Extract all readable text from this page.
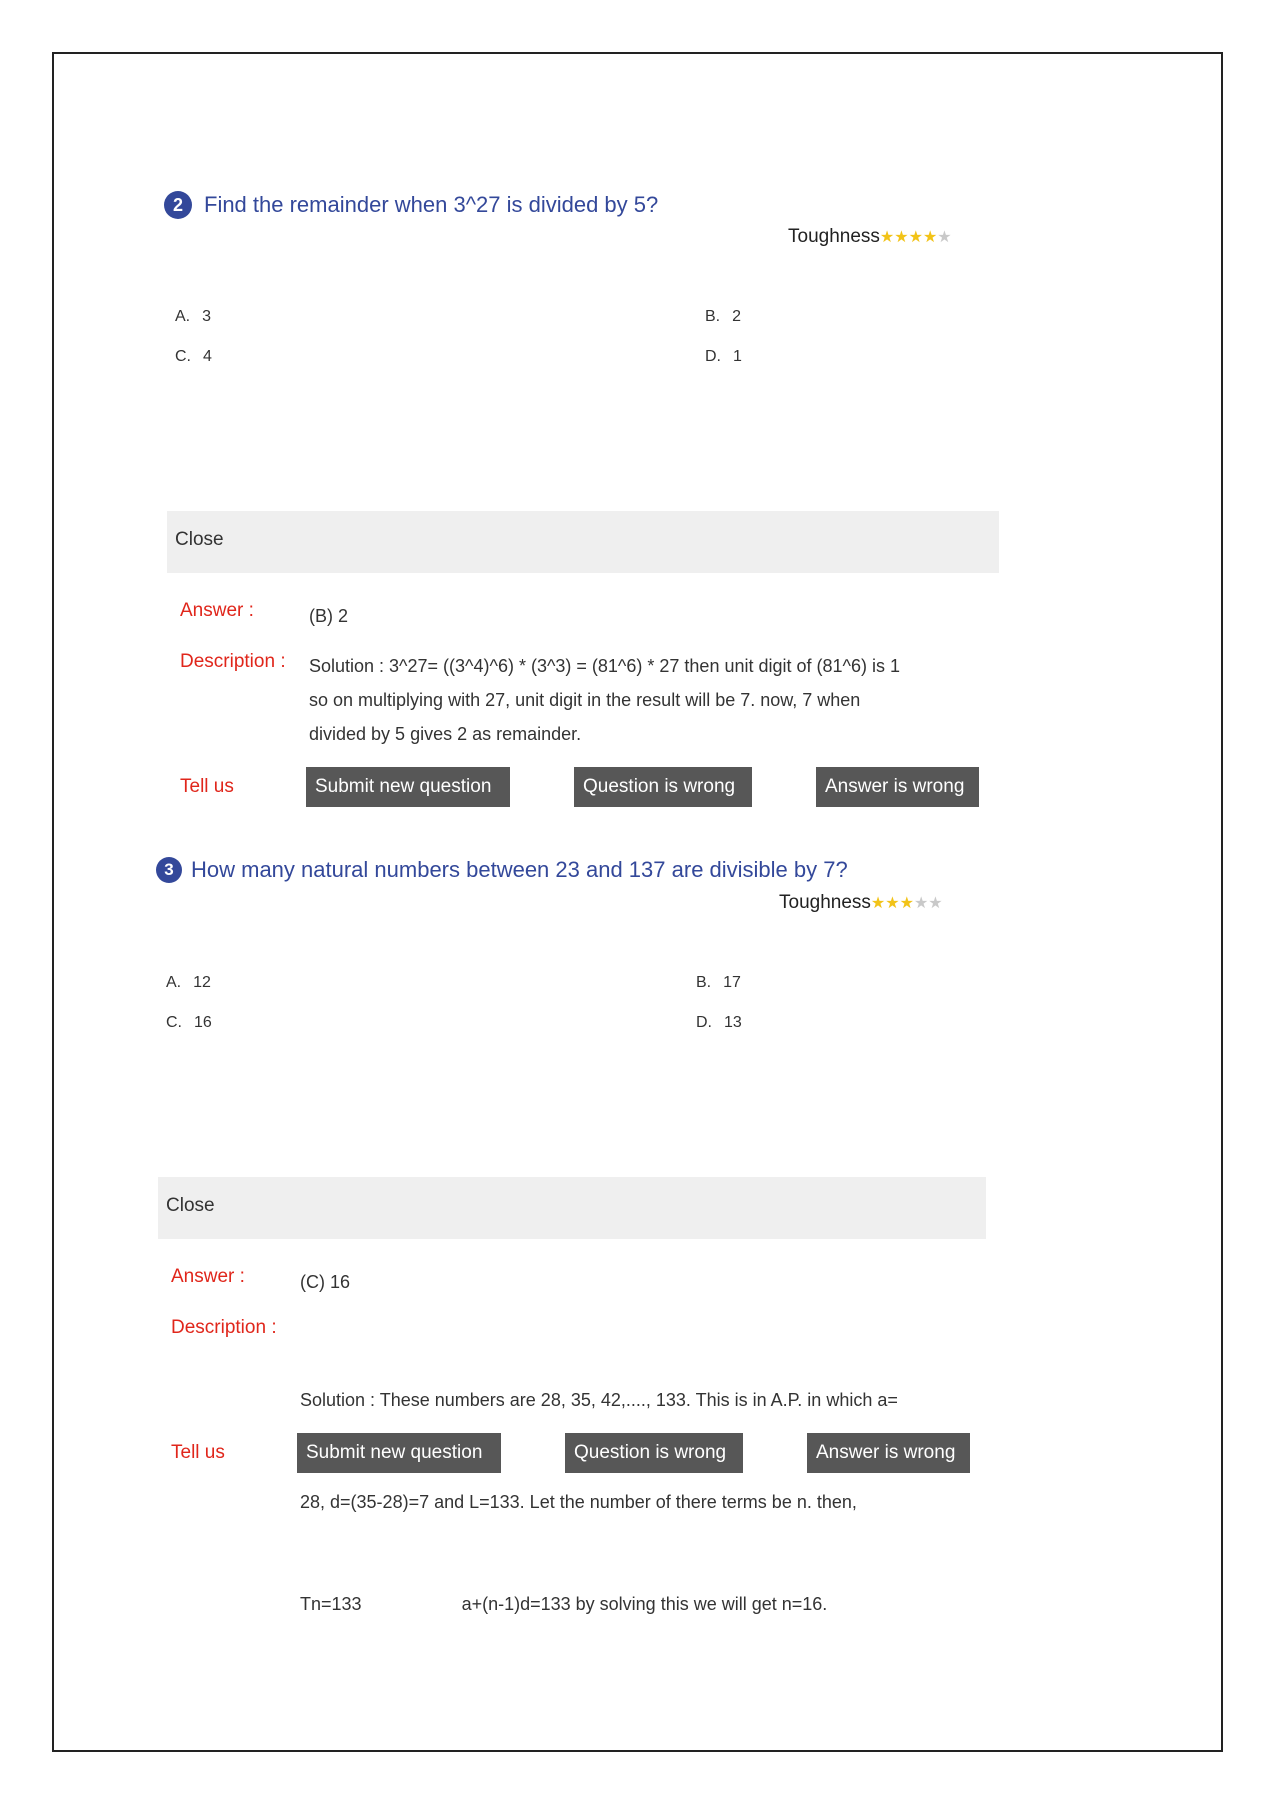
2 Find the remainder when 3^27 is divided by 5?
Toughness★★★★★
A. 3	B. 2
C. 4	D. 1
Close
Answer :	(B) 2
Description : Solution : 3^27= ((3^4)^6) * (3^3) = (81^6) * 27 then unit digit of (81^6) is 1
so on multiplying with 27, unit digit in the result will be 7. now, 7 when
divided by 5 gives 2 as remainder.
Tell us	Submit new question	Question is wrong	Answer is wrong
3 How many natural numbers between 23 and 137 are divisible by 7?
Toughness★★★★★
A. 12	B. 17
C. 16	D. 13
Close
Answer :	(C) 16
Description :

Solution : These numbers are 28, 35, 42,...., 133. This is in A.P. in which a=

28, d=(35-28)=7 and L=133. Let the number of there terms be n. then,

Tn=133                    a+(n-1)d=133 by solving this we will get n=16.

Tell us	Submit new question	Question is wrong	Answer is wrong
